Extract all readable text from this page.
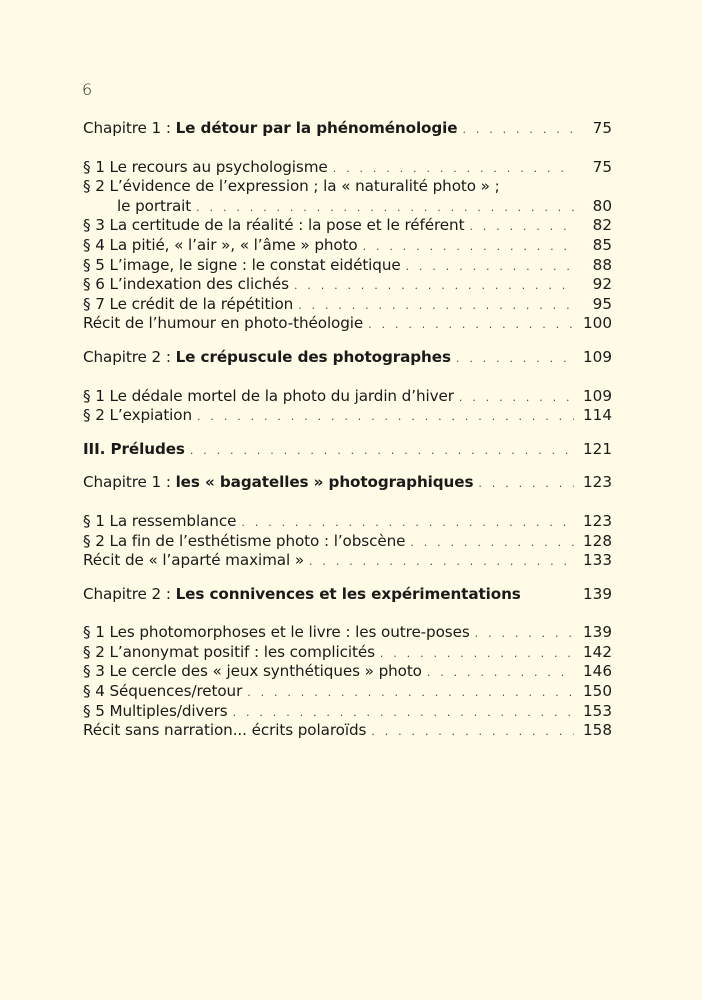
6
Chapitre 1 : Le détour par la phénoménologie . . .	75
§ 1 Le recours au psychologisme . . .	75
§ 2 L’évidence de l’expression ; la « naturalité photo » ;
le portrait . . .	80
§ 3 La certitude de la réalité : la pose et le référent . . .	82
§ 4 La pitié, « l’air », « l’âme » photo . . .	85
§ 5 L’image, le signe : le constat eidétique . . .	88
§ 6 L’indexation des clichés . . .	92
§ 7 Le crédit de la répétition . . .	95
Récit de l’humour en photo-théologie . . .	100
Chapitre 2 : Le crépuscule des photographes . . .	109
§ 1 Le dédale mortel de la photo du jardin d’hiver . . .	109
§ 2 L’expiation . . .	114
III. Préludes . . .	121
Chapitre 1 : les « bagatelles » photographiques . . .	123
§ 1 La ressemblance . . .	123
§ 2 La fin de l’esthétisme photo : l’obscène . . .	128
Récit de « l’aparté maximal » . . .	133
Chapitre 2 : Les connivences et les expérimentations	139
§ 1 Les photomorphoses et le livre : les outre-poses . . .	139
§ 2 L’anonymat positif : les complicités . . .	142
§ 3 Le cercle des « jeux synthétiques » photo . . .	146
§ 4 Séquences/retour . . .	150
§ 5 Multiples/divers . . .	153
Récit sans narration... écrits polaroïds . . .	158
